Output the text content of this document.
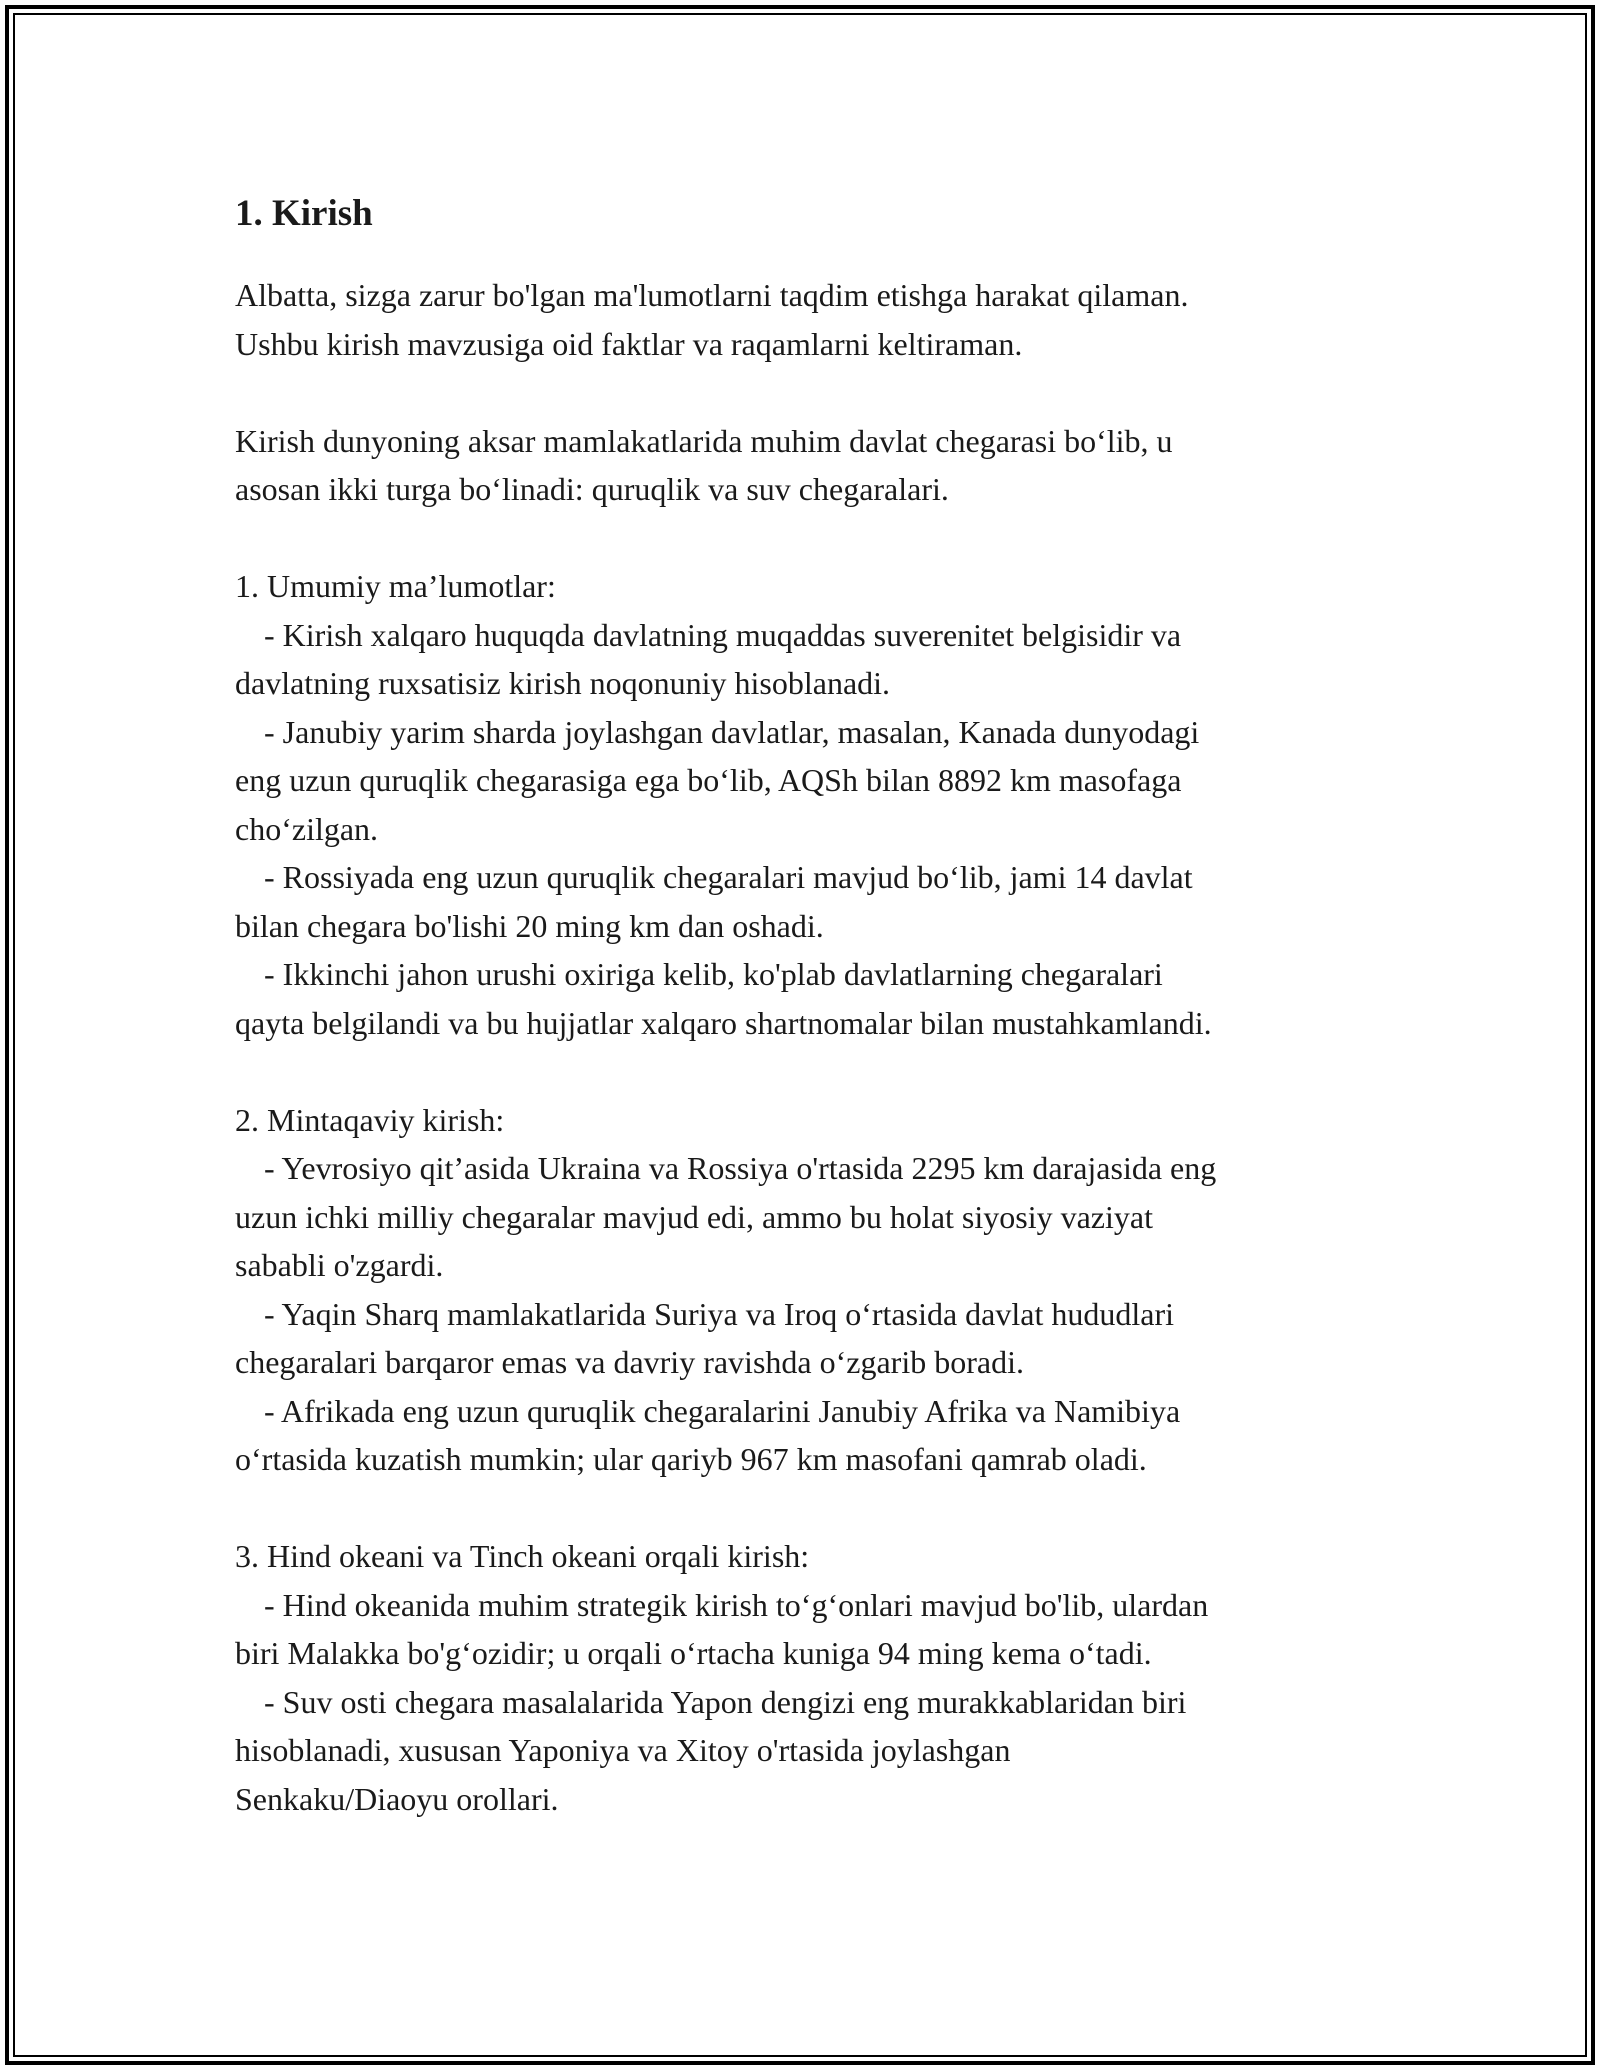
1. Kirish

Albatta, sizga zarur bo'lgan ma'lumotlarni taqdim etishga harakat qilaman.

Ushbu kirish mavzusiga oid faktlar va raqamlarni keltiraman.

Kirish dunyoning aksar mamlakatlarida muhim davlat chegarasi bo‘lib, u

asosan ikki turga bo‘linadi: quruqlik va suv chegaralari.

1. Umumiy ma’lumotlar:

- Kirish xalqaro huquqda davlatning muqaddas suverenitet belgisidir va

davlatning ruxsatisiz kirish noqonuniy hisoblanadi.

- Janubiy yarim sharda joylashgan davlatlar, masalan, Kanada dunyodagi

eng uzun quruqlik chegarasiga ega bo‘lib, AQSh bilan 8892 km masofaga

cho‘zilgan.

- Rossiyada eng uzun quruqlik chegaralari mavjud bo‘lib, jami 14 davlat

bilan chegara bo'lishi 20 ming km dan oshadi.

- Ikkinchi jahon urushi oxiriga kelib, ko'plab davlatlarning chegaralari

qayta belgilandi va bu hujjatlar xalqaro shartnomalar bilan mustahkamlandi.

2. Mintaqaviy kirish:

- Yevrosiyo qit’asida Ukraina va Rossiya o'rtasida 2295 km darajasida eng

uzun ichki milliy chegaralar mavjud edi, ammo bu holat siyosiy vaziyat

sababli o'zgardi.

- Yaqin Sharq mamlakatlarida Suriya va Iroq o‘rtasida davlat hududlari

chegaralari barqaror emas va davriy ravishda o‘zgarib boradi.

- Afrikada eng uzun quruqlik chegaralarini Janubiy Afrika va Namibiya

o‘rtasida kuzatish mumkin; ular qariyb 967 km masofani qamrab oladi.

3. Hind okeani va Tinch okeani orqali kirish:

- Hind okeanida muhim strategik kirish to‘g‘onlari mavjud bo'lib, ulardan

biri Malakka bo'g‘ozidir; u orqali o‘rtacha kuniga 94 ming kema o‘tadi.

- Suv osti chegara masalalarida Yapon dengizi eng murakkablaridan biri

hisoblanadi, xususan Yaponiya va Xitoy o'rtasida joylashgan

Senkaku/Diaoyu orollari.
